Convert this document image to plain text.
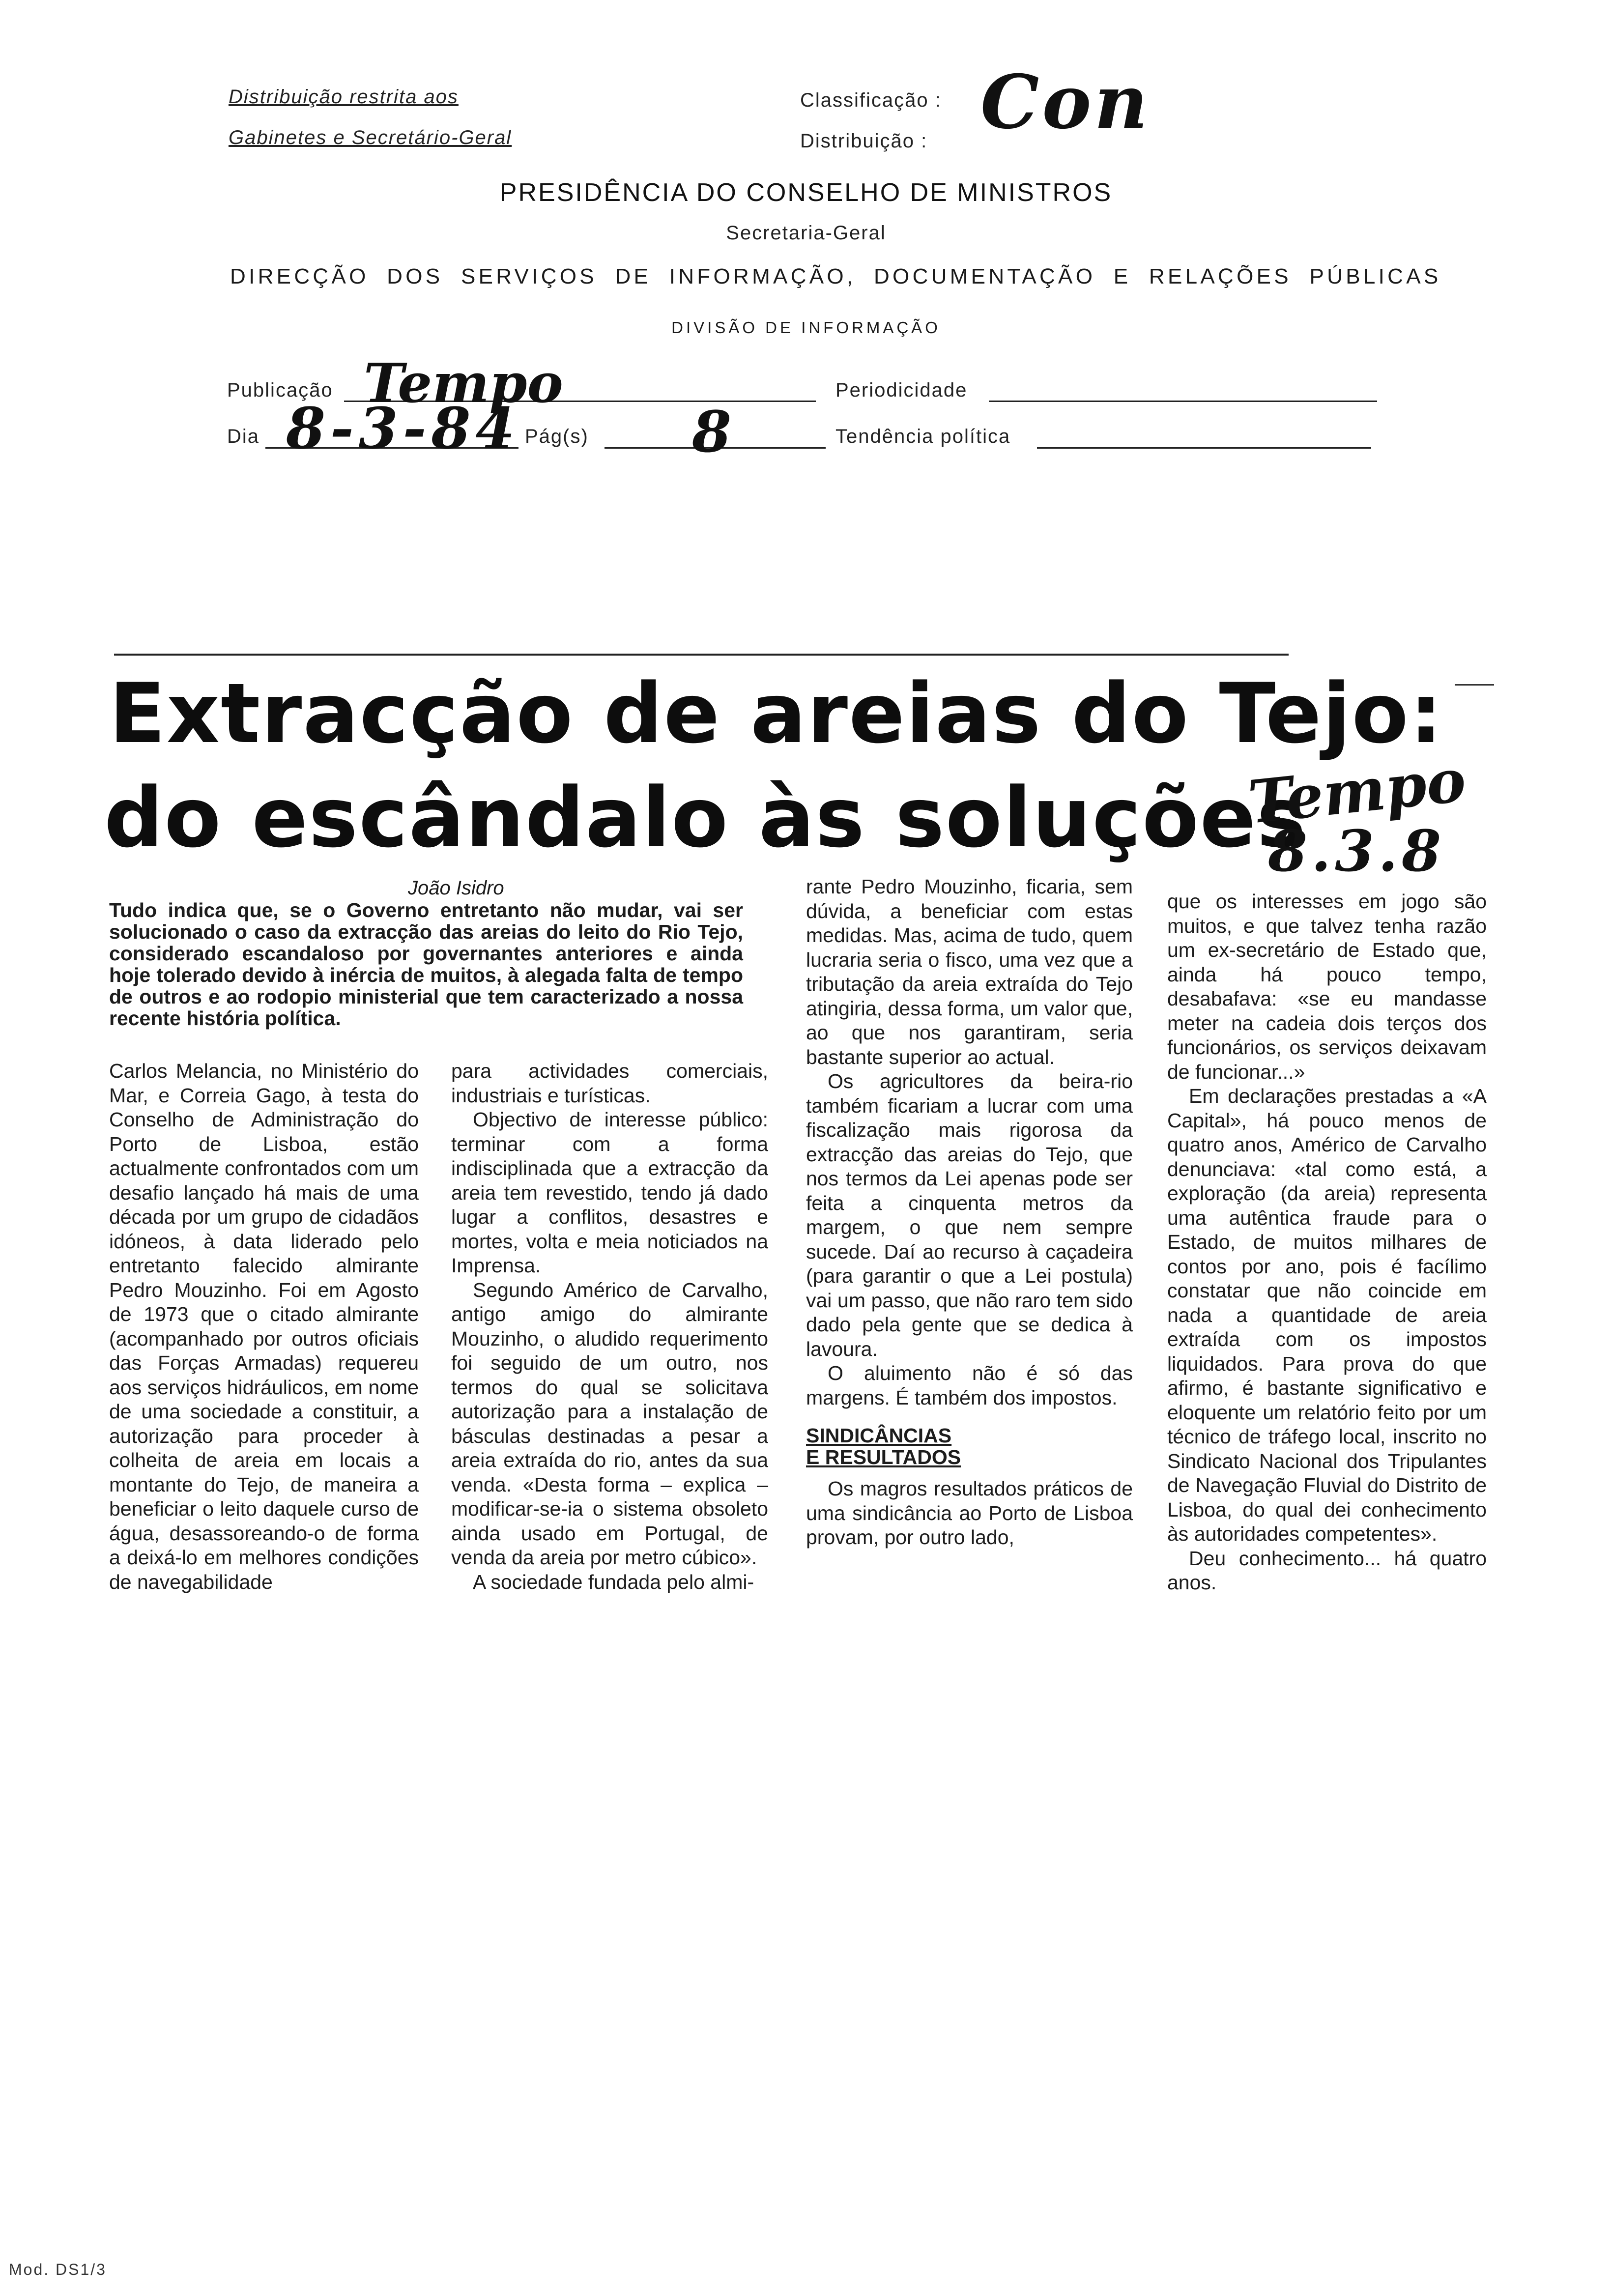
Distribuição restrita aos
Gabinetes e Secretário-Geral
Classificação : Con
Distribuição :
PRESIDÊNCIA DO CONSELHO DE MINISTROS
Secretaria-Geral
DIRECÇÃO DOS SERVIÇOS DE INFORMAÇÃO, DOCUMENTAÇÃO E RELAÇÕES PÚBLICAS
DIVISÃO DE INFORMAÇÃO
Publicação Tempo	Periodicidade
Dia 8-3-84 Pág(s) 8	Tendência política
Extracção de areias do Tejo:
do escândalo às soluções
Tempo
8.3.8
João Isidro
Tudo indica que, se o Governo entretanto não mudar, vai ser solucionado o caso da extracção das areias do leito do Rio Tejo, considerado escandaloso por governantes anteriores e ainda hoje tolerado devido à inércia de muitos, à alegada falta de tempo de outros e ao rodopio ministerial que tem caracterizado a nossa recente história política.

Carlos Melancia, no Ministério do Mar, e Correia Gago, à testa do Conselho de Administração do Porto de Lisboa, estão actualmente confrontados com um desafio lançado há mais de uma década por um grupo de cidadãos idóneos, à data liderado pelo entretanto falecido almirante Pedro Mouzinho. Foi em Agosto de 1973 que o citado almirante (acompanhado por outros oficiais das Forças Armadas) requereu aos serviços hidráulicos, em nome de uma sociedade a constituir, a autorização para proceder à colheita de areia em locais a montante do Tejo, de maneira a beneficiar o leito daquele curso de água, desassoreando-o de forma a deixá-lo em melhores condições de navegabilidade

para actividades comerciais, industriais e turísticas.

Objectivo de interesse público: terminar com a forma indisciplinada que a extracção da areia tem revestido, tendo já dado lugar a conflitos, desastres e mortes, volta e meia noticiados na Imprensa.

Segundo Américo de Carvalho, antigo amigo do almirante Mouzinho, o aludido requerimento foi seguido de um outro, nos termos do qual se solicitava autorização para a instalação de básculas destinadas a pesar a areia extraída do rio, antes da sua venda. «Desta forma – explica – modificar-se-ia o sistema obsoleto ainda usado em Portugal, de venda da areia por metro cúbico».

A sociedade fundada pelo almi-

rante Pedro Mouzinho, ficaria, sem dúvida, a beneficiar com estas medidas. Mas, acima de tudo, quem lucraria seria o fisco, uma vez que a tributação da areia extraída do Tejo atingiria, dessa forma, um valor que, ao que nos garantiram, seria bastante superior ao actual.

Os agricultores da beira-rio também ficariam a lucrar com uma fiscalização mais rigorosa da extracção das areias do Tejo, que nos termos da Lei apenas pode ser feita a cinquenta metros da margem, o que nem sempre sucede. Daí ao recurso à caçadeira (para garantir o que a Lei postula) vai um passo, que não raro tem sido dado pela gente que se dedica à lavoura.

O aluimento não é só das margens. É também dos impostos.

SINDICÂNCIAS
E RESULTADOS

Os magros resultados práticos de uma sindicância ao Porto de Lisboa provam, por outro lado,

que os interesses em jogo são muitos, e que talvez tenha razão um ex-secretário de Estado que, ainda há pouco tempo, desabafava: «se eu mandasse meter na cadeia dois terços dos funcionários, os serviços deixavam de funcionar...»

Em declarações prestadas a «A Capital», há pouco menos de quatro anos, Américo de Carvalho denunciava: «tal como está, a exploração (da areia) representa uma autêntica fraude para o Estado, de muitos milhares de contos por ano, pois é facílimo constatar que não coincide em nada a quantidade de areia extraída com os impostos liquidados. Para prova do que afirmo, é bastante significativo e eloquente um relatório feito por um técnico de tráfego local, inscrito no Sindicato Nacional dos Tripulantes de Navegação Fluvial do Distrito de Lisboa, do qual dei conhecimento às autoridades competentes».

Deu conhecimento... há quatro anos.

Mod. DS1/3
